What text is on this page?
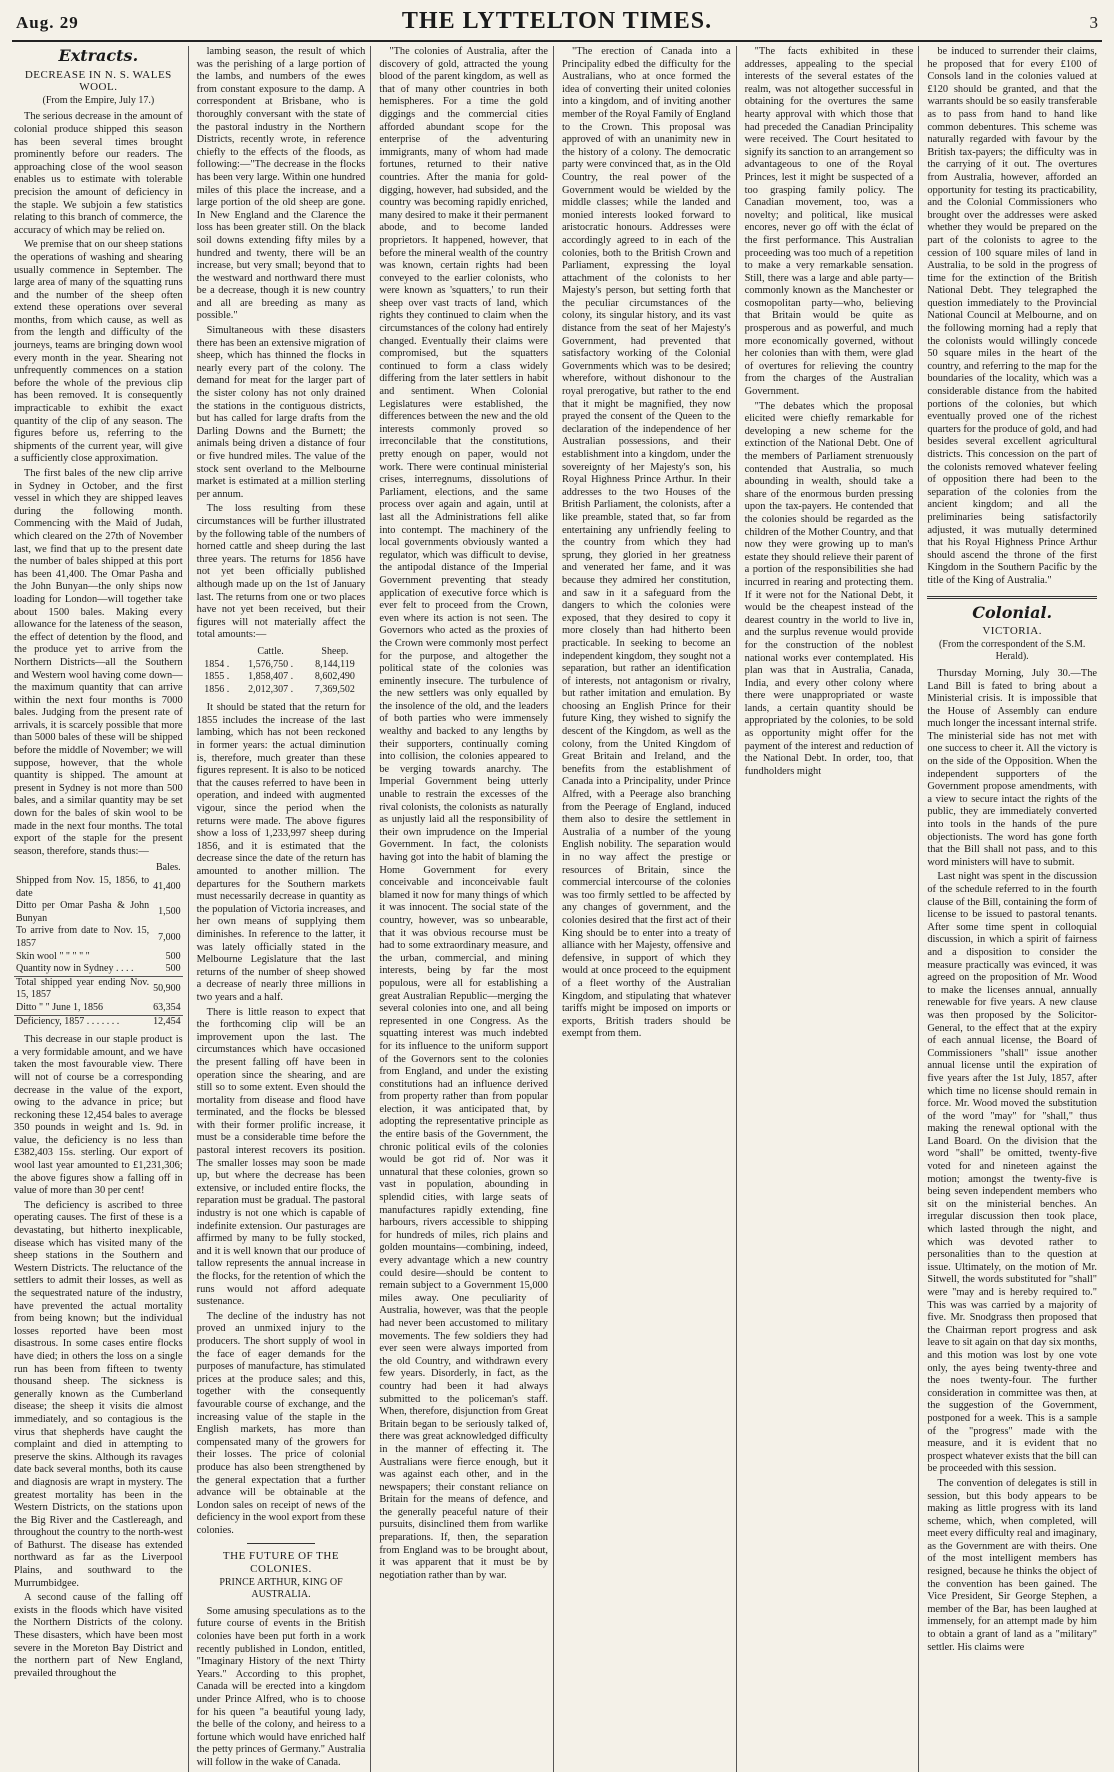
Aug. 29	THE LYTTELTON TIMES.	3
Extracts.
DECREASE IN N. S. WALES WOOL.
(From the Empire, July 17.)

The serious decrease in the amount of colonial produce shipped this season has been several times brought prominently before our readers. The approaching close of the wool season enables us to estimate with tolerable precision the amount of deficiency in the staple. We subjoin a few statistics relating to this branch of commerce, the accuracy of which may be relied on.

We premise that on our sheep stations the operations of washing and shearing usually commence in September. The large area of many of the squatting runs and the number of the sheep often extend these operations over several months, from which cause, as well as from the length and difficulty of the journeys, teams are bringing down wool every month in the year. Shearing not unfrequently commences on a station before the whole of the previous clip has been removed. It is consequently impracticable to exhibit the exact quantity of the clip of any season. The figures before us, referring to the shipments of the current year, will give a sufficiently close approximation.

The first bales of the new clip arrive in Sydney in October, and the first vessel in which they are shipped leaves during the following month. Commencing with the Maid of Judah, which cleared on the 27th of November last, we find that up to the present date the number of bales shipped at this port has been 41,400. The Omar Pasha and the John Bunyan—the only ships now loading for London—will together take about 1500 bales. Making every allowance for the lateness of the season, the effect of detention by the flood, and the produce yet to arrive from the Northern Districts—all the Southern and Western wool having come down—the maximum quantity that can arrive within the next four months is 7000 bales. Judging from the present rate of arrivals, it is scarcely possible that more than 5000 bales of these will be shipped before the middle of November; we will suppose, however, that the whole quantity is shipped. The amount at present in Sydney is not more than 500 bales, and a similar quantity may be set down for the bales of skin wool to be made in the next four months. The total export of the staple for the present season, therefore, stands thus:—

	Bales.
Shipped from Nov. 15, 1856, to date	41,400
Ditto per Omar Pasha & John Bunyan	1,500
To arrive from date to Nov. 15, 1857	7,000
Skin wool " " " " "	500
Quantity now in Sydney . . . .	500
Total shipped year ending Nov. 15, 1857	50,900
Ditto " " June 1, 1856	63,354
Deficiency, 1857 . . . . . . .	12,454

This decrease in our staple product is a very formidable amount, and we have taken the most favourable view. There will not of course be a corresponding decrease in the value of the export, owing to the advance in price; but reckoning these 12,454 bales to average 350 pounds in weight and 1s. 9d. in value, the deficiency is no less than £382,403 15s. sterling. Our export of wool last year amounted to £1,231,306; the above figures show a falling off in value of more than 30 per cent!

The deficiency is ascribed to three operating causes. The first of these is a devastating, but hitherto inexplicable, disease which has visited many of the sheep stations in the Southern and Western Districts. The reluctance of the settlers to admit their losses, as well as the sequestrated nature of the industry, have prevented the actual mortality from being known; but the individual losses reported have been most disastrous. In some cases entire flocks have died; in others the loss on a single run has been from fifteen to twenty thousand sheep. The sickness is generally known as the Cumberland disease; the sheep it visits die almost immediately, and so contagious is the virus that shepherds have caught the complaint and died in attempting to preserve the skins. Although its ravages date back several months, both its cause and diagnosis are wrapt in mystery. The greatest mortality has been in the Western Districts, on the stations upon the Big River and the Castlereagh, and throughout the country to the north-west of Bathurst. The disease has extended northward as far as the Liverpool Plains, and southward to the Murrumbidgee.

A second cause of the falling off exists in the floods which have visited the Northern Districts of the colony. These disasters, which have been most severe in the Moreton Bay District and the northern part of New England, prevailed throughout the

lambing season, the result of which was the perishing of a large portion of the lambs, and numbers of the ewes from constant exposure to the damp. A correspondent at Brisbane, who is thoroughly conversant with the state of the pastoral industry in the Northern Districts, recently wrote, in reference chiefly to the effects of the floods, as following:—"The decrease in the flocks has been very large. Within one hundred miles of this place the increase, and a large portion of the old sheep are gone. In New England and the Clarence the loss has been greater still. On the black soil downs extending fifty miles by a hundred and twenty, there will be an increase, but very small; beyond that to the westward and northward there must be a decrease, though it is new country and all are breeding as many as possible."

Simultaneous with these disasters there has been an extensive migration of sheep, which has thinned the flocks in nearly every part of the colony. The demand for meat for the larger part of the sister colony has not only drained the stations in the contiguous districts, but has called for large drafts from the Darling Downs and the Burnett; the animals being driven a distance of four or five hundred miles. The value of the stock sent overland to the Melbourne market is estimated at a million sterling per annum.

The loss resulting from these circumstances will be further illustrated by the following table of the numbers of horned cattle and sheep during the last three years. The returns for 1856 have not yet been officially published although made up on the 1st of January last. The returns from one or two places have not yet been received, but their figures will not materially affect the total amounts:—

	Cattle.	Sheep.
1854 .	1,576,750 .	8,144,119
1855 .	1,858,407 .	8,602,490
1856 .	2,012,307 .	7,369,502

It should be stated that the return for 1855 includes the increase of the last lambing, which has not been reckoned in former years: the actual diminution is, therefore, much greater than these figures represent. It is also to be noticed that the causes referred to have been in operation, and indeed with augmented vigour, since the period when the returns were made. The above figures show a loss of 1,233,997 sheep during 1856, and it is estimated that the decrease since the date of the return has amounted to another million. The departures for the Southern markets must necessarily decrease in quantity as the population of Victoria increases, and her own means of supplying them diminishes. In reference to the latter, it was lately officially stated in the Melbourne Legislature that the last returns of the number of sheep showed a decrease of nearly three millions in two years and a half.

There is little reason to expect that the forthcoming clip will be an improvement upon the last. The circumstances which have occasioned the present falling off have been in operation since the shearing, and are still so to some extent. Even should the mortality from disease and flood have terminated, and the flocks be blessed with their former prolific increase, it must be a considerable time before the pastoral interest recovers its position. The smaller losses may soon be made up, but where the decrease has been extensive, or included entire flocks, the reparation must be gradual. The pastoral industry is not one which is capable of indefinite extension. Our pasturages are affirmed by many to be fully stocked, and it is well known that our produce of tallow represents the annual increase in the flocks, for the retention of which the runs would not afford adequate sustenance.

The decline of the industry has not proved an unmixed injury to the producers. The short supply of wool in the face of eager demands for the purposes of manufacture, has stimulated prices at the produce sales; and this, together with the consequently favourable course of exchange, and the increasing value of the staple in the English markets, has more than compensated many of the growers for their losses. The price of colonial produce has also been strengthened by the general expectation that a further advance will be obtainable at the London sales on receipt of news of the deficiency in the wool export from these colonies.

THE FUTURE OF THE COLONIES.
PRINCE ARTHUR, KING OF AUSTRALIA.

Some amusing speculations as to the future course of events in the British colonies have been put forth in a work recently published in London, entitled, "Imaginary History of the next Thirty Years." According to this prophet, Canada will be erected into a kingdom under Prince Alfred, who is to choose for his queen "a beautiful young lady, the belle of the colony, and heiress to a fortune which would have enriched half the petty princes of Germany." Australia will follow in the wake of Canada.

"The colonies of Australia, after the discovery of gold, attracted the young blood of the parent kingdom, as well as that of many other countries in both hemispheres. For a time the gold diggings and the commercial cities afforded abundant scope for the enterprise of the adventuring immigrants, many of whom had made fortunes, returned to their native countries. After the mania for gold-digging, however, had subsided, and the country was becoming rapidly enriched, many desired to make it their permanent abode, and to become landed proprietors. It happened, however, that before the mineral wealth of the country was known, certain rights had been conveyed to the earlier colonists, who were known as 'squatters,' to run their sheep over vast tracts of land, which rights they continued to claim when the circumstances of the colony had entirely changed. Eventually their claims were compromised, but the squatters continued to form a class widely differing from the later settlers in habit and sentiment. When Colonial Legislatures were established, the differences between the new and the old interests commonly proved so irreconcilable that the constitutions, pretty enough on paper, would not work. There were continual ministerial crises, interregnums, dissolutions of Parliament, elections, and the same process over again and again, until at last all the Administrations fell alike into contempt. The machinery of the local governments obviously wanted a regulator, which was difficult to devise, the antipodal distance of the Imperial Government preventing that steady application of executive force which is ever felt to proceed from the Crown, even where its action is not seen. The Governors who acted as the proxies of the Crown were commonly most perfect for the purpose, and altogether the political state of the colonies was eminently insecure. The turbulence of the new settlers was only equalled by the insolence of the old, and the leaders of both parties who were immensely wealthy and backed to any lengths by their supporters, continually coming into collision, the colonies appeared to be verging towards anarchy. The Imperial Government being utterly unable to restrain the excesses of the rival colonists, the colonists as naturally as unjustly laid all the responsibility of their own imprudence on the Imperial Government. In fact, the colonists having got into the habit of blaming the Home Government for every conceivable and inconceivable fault blamed it now for many things of which it was innocent. The social state of the country, however, was so unbearable, that it was obvious recourse must be had to some extraordinary measure, and the urban, commercial, and mining interests, being by far the most populous, were all for establishing a great Australian Republic—merging the several colonies into one, and all being represented in one Congress. As the squatting interest was much indebted for its influence to the uniform support of the Governors sent to the colonies from England, and under the existing constitutions had an influence derived from property rather than from popular election, it was anticipated that, by adopting the representative principle as the entire basis of the Government, the chronic political evils of the colonies would be got rid of. Nor was it unnatural that these colonies, grown so vast in population, abounding in splendid cities, with large seats of manufactures rapidly extending, fine harbours, rivers accessible to shipping for hundreds of miles, rich plains and golden mountains—combining, indeed, every advantage which a new country could desire—should be content to remain subject to a Government 15,000 miles away. One peculiarity of Australia, however, was that the people had never been accustomed to military movements. The few soldiers they had ever seen were always imported from the old Country, and withdrawn every few years. Disorderly, in fact, as the country had been it had always submitted to the policeman's staff. When, therefore, disjunction from Great Britain began to be seriously talked of, there was great acknowledged difficulty in the manner of effecting it. The Australians were fierce enough, but it was against each other, and in the newspapers; their constant reliance on Britain for the means of defence, and the generally peaceful nature of their pursuits, disinclined them from warlike preparations. If, then, the separation from England was to be brought about, it was apparent that it must be by negotiation rather than by war.

"The erection of Canada into a Principality edbed the difficulty for the Australians, who at once formed the idea of converting their united colonies into a kingdom, and of inviting another member of the Royal Family of England to the Crown. This proposal was approved of with an unanimity new in the history of a colony. The democratic party were convinced that, as in the Old Country, the real power of the Government would be wielded by the middle classes; while the landed and monied interests looked forward to aristocratic honours. Addresses were accordingly agreed to in each of the colonies, both to the British Crown and Parliament, expressing the loyal attachment of the colonists to her Majesty's person, but setting forth that the peculiar circumstances of the colony, its singular history, and its vast distance from the seat of her Majesty's Government, had prevented that satisfactory working of the Colonial Governments which was to be desired; wherefore, without dishonour to the royal prerogative, but rather to the end that it might be magnified, they now prayed the consent of the Queen to the declaration of the independence of her Australian possessions, and their establishment into a kingdom, under the sovereignty of her Majesty's son, his Royal Highness Prince Arthur. In their addresses to the two Houses of the British Parliament, the colonists, after a like preamble, stated that, so far from entertaining any unfriendly feeling to the country from which they had sprung, they gloried in her greatness and venerated her fame, and it was because they admired her constitution, and saw in it a safeguard from the dangers to which the colonies were exposed, that they desired to copy it more closely than had hitherto been practicable. In seeking to become an independent kingdom, they sought not a separation, but rather an identification of interests, not antagonism or rivalry, but rather imitation and emulation. By choosing an English Prince for their future King, they wished to signify the descent of the Kingdom, as well as the colony, from the United Kingdom of Great Britain and Ireland, and the benefits from the establishment of Canada into a Principality, under Prince Alfred, with a Peerage also branching from the Peerage of England, induced them also to desire the settlement in Australia of a number of the young English nobility. The separation would in no way affect the prestige or resources of Britain, since the commercial intercourse of the colonies was too firmly settled to be affected by any changes of government, and the colonies desired that the first act of their King should be to enter into a treaty of alliance with her Majesty, offensive and defensive, in support of which they would at once proceed to the equipment of a fleet worthy of the Australian Kingdom, and stipulating that whatever tariffs might be imposed on imports or exports, British traders should be exempt from them.

"The facts exhibited in these addresses, appealing to the special interests of the several estates of the realm, was not altogether successful in obtaining for the overtures the same hearty approval with which those that had preceded the Canadian Principality were received. The Court hesitated to signify its sanction to an arrangement so advantageous to one of the Royal Princes, lest it might be suspected of a too grasping family policy. The Canadian movement, too, was a novelty; and political, like musical encores, never go off with the éclat of the first performance. This Australian proceeding was too much of a repetition to make a very remarkable sensation. Still, there was a large and able party—commonly known as the Manchester or cosmopolitan party—who, believing that Britain would be quite as prosperous and as powerful, and much more economically governed, without her colonies than with them, were glad of overtures for relieving the country from the charges of the Australian Government.

"The debates which the proposal elicited were chiefly remarkable for developing a new scheme for the extinction of the National Debt. One of the members of Parliament strenuously contended that Australia, so much abounding in wealth, should take a share of the enormous burden pressing upon the tax-payers. He contended that the colonies should be regarded as the children of the Mother Country, and that now they were growing up to man's estate they should relieve their parent of a portion of the responsibilities she had incurred in rearing and protecting them. If it were not for the National Debt, it would be the cheapest instead of the dearest country in the world to live in, and the surplus revenue would provide for the construction of the noblest national works ever contemplated. His plan was that in Australia, Canada, India, and every other colony where there were unappropriated or waste lands, a certain quantity should be appropriated by the colonies, to be sold as opportunity might offer for the payment of the interest and reduction of the National Debt. In order, too, that fundholders might

be induced to surrender their claims, he proposed that for every £100 of Consols land in the colonies valued at £120 should be granted, and that the warrants should be so easily transferable as to pass from hand to hand like common debentures. This scheme was naturally regarded with favour by the British tax-payers; the difficulty was in the carrying of it out. The overtures from Australia, however, afforded an opportunity for testing its practicability, and the Colonial Commissioners who brought over the addresses were asked whether they would be prepared on the part of the colonists to agree to the cession of 100 square miles of land in Australia, to be sold in the progress of time for the extinction of the British National Debt. They telegraphed the question immediately to the Provincial National Council at Melbourne, and on the following morning had a reply that the colonists would willingly concede 50 square miles in the heart of the country, and referring to the map for the boundaries of the locality, which was a considerable distance from the habited portions of the colonies, but which eventually proved one of the richest quarters for the produce of gold, and had besides several excellent agricultural districts. This concession on the part of the colonists removed whatever feeling of opposition there had been to the separation of the colonies from the ancient kingdom; and all the preliminaries being satisfactorily adjusted, it was mutually determined that his Royal Highness Prince Arthur should ascend the throne of the first Kingdom in the Southern Pacific by the title of the King of Australia."

Colonial.
VICTORIA.
(From the correspondent of the S.M. Herald).

Thursday Morning, July 30.—The Land Bill is fated to bring about a Ministerial crisis. It is impossible that the House of Assembly can endure much longer the incessant internal strife. The ministerial side has not met with one success to cheer it. All the victory is on the side of the Opposition. When the independent supporters of the Government propose amendments, with a view to secure intact the rights of the public, they are immediately converted into tools in the hands of the pure objectionists. The word has gone forth that the Bill shall not pass, and to this word ministers will have to submit.

Last night was spent in the discussion of the schedule referred to in the fourth clause of the Bill, containing the form of license to be issued to pastoral tenants. After some time spent in colloquial discussion, in which a spirit of fairness and a disposition to consider the measure practically was evinced, it was agreed on the proposition of Mr. Wood to make the licenses annual, annually renewable for five years. A new clause was then proposed by the Solicitor-General, to the effect that at the expiry of each annual license, the Board of Commissioners "shall" issue another annual license until the expiration of five years after the 1st July, 1857, after which time no license should remain in force. Mr. Wood moved the substitution of the word "may" for "shall," thus making the renewal optional with the Land Board. On the division that the word "shall" be omitted, twenty-five voted for and nineteen against the motion; amongst the twenty-five is being seven independent members who sit on the ministerial benches. An irregular discussion then took place, which lasted through the night, and which was devoted rather to personalities than to the question at issue. Ultimately, on the motion of Mr. Sitwell, the words substituted for "shall" were "may and is hereby required to." This was was carried by a majority of five. Mr. Snodgrass then proposed that the Chairman report progress and ask leave to sit again on that day six months, and this motion was lost by one vote only, the ayes being twenty-three and the noes twenty-four. The further consideration in committee was then, at the suggestion of the Government, postponed for a week. This is a sample of the "progress" made with the measure, and it is evident that no prospect whatever exists that the bill can be proceeded with this session.

The convention of delegates is still in session, but this body appears to be making as little progress with its land scheme, which, when completed, will meet every difficulty real and imaginary, as the Government are with theirs. One of the most intelligent members has resigned, because he thinks the object of the convention has been gained. The Vice President, Sir George Stephen, a member of the Bar, has been laughed at immensely, for an attempt made by him to obtain a grant of land as a "military" settler. His claims were
